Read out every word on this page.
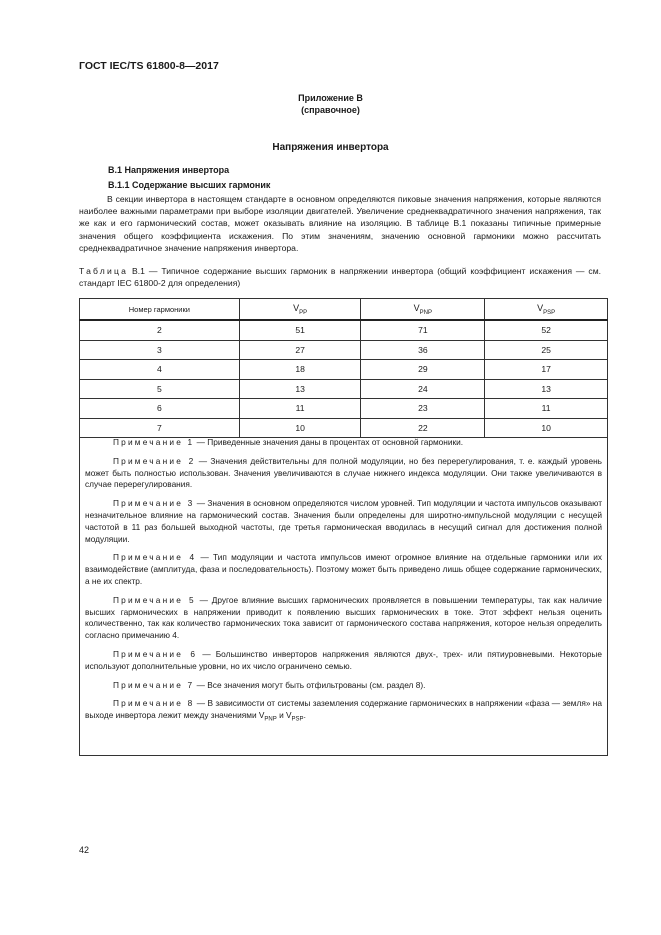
ГОСТ IEC/TS 61800-8—2017
Приложение B
(справочное)
Напряжения инвертора
B.1 Напряжения инвертора
B.1.1 Содержание высших гармоник
В секции инвертора в настоящем стандарте в основном определяются пиковые значения напряжения, которые являются наиболее важными параметрами при выборе изоляции двигателей. Увеличение среднеквадратичного значения напряжения, так же как и его гармонический состав, может оказывать влияние на изоляцию. В таблице B.1 показаны типичные примерные значения общего коэффициента искажения. По этим значениям, значению основной гармоники можно рассчитать среднеквадратичное значение напряжения инвертора.
Таблица B.1 — Типичное содержание высших гармоник в напряжении инвертора (общий коэффициент искажения — см. стандарт IEC 61800-2 для определения)
Номер гармоники	$V_{PP}$	$V_{PNP}$	$V_{PSP}$
2	51	71	52
3	27	36	25
4	18	29	17
5	13	24	13
6	11	23	11
7	10	22	10

Примечание 1 — Приведенные значения даны в процентах от основной гармоники.

Примечание 2 — Значения действительны для полной модуляции, но без перерегулирования, т. е. каждый уровень может быть полностью использован. Значения увеличиваются в случае нижнего индекса модуляции. Они также увеличиваются в случае перерегулирования.

Примечание 3 — Значения в основном определяются числом уровней. Тип модуляции и частота импульсов оказывают незначительное влияние на гармонический состав. Значения были определены для широтно-импульсной модуляции с несущей частотой в 11 раз большей выходной частоты, где третья гармоническая вводилась в несущий сигнал для достижения полной модуляции.

Примечание 4 — Тип модуляции и частота импульсов имеют огромное влияние на отдельные гармоники или их взаимодействие (амплитуда, фаза и последовательность). Поэтому может быть приведено лишь общее содержание гармонических, а не их спектр.

Примечание 5 — Другое влияние высших гармонических проявляется в повышении температуры, так как наличие высших гармонических в напряжении приводит к появлению высших гармонических в токе. Этот эффект нельзя оценить количественно, так как количество гармонических тока зависит от гармонического состава напряжения, которое нельзя определить согласно примечанию 4.

Примечание 6 — Большинство инверторов напряжения являются двух-, трех- или пятиуровневыми. Некоторые используют дополнительные уровни, но их число ограничено семью.

Примечание 7 — Все значения могут быть отфильтрованы (см. раздел 8).

Примечание 8 — В зависимости от системы заземления содержание гармонических в напряжении «фаза — земля» на выходе инвертора лежит между значениями $V_{PNP}$ и $V_{PSP}$.

42
